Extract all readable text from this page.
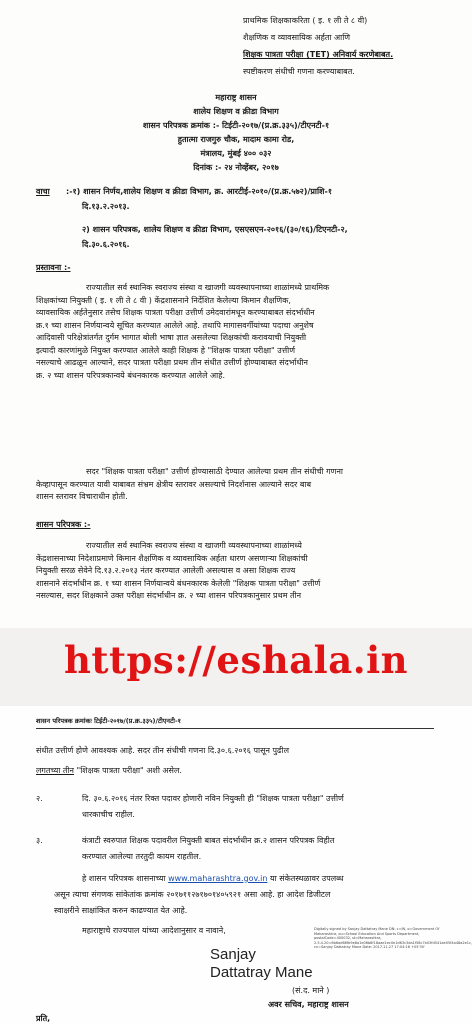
प्राथमिक शिक्षकाकरिता ( इ. १ ली ते ८ वी)
शैक्षणिक व व्यावसायिक अर्हता आणि
शिक्षक पात्रता परीक्षा (TET) अनिवार्य करणेबाबत.
स्पष्टीकरण संधीची गणना करण्याबाबत.
महाराष्ट्र शासन
शालेय शिक्षण व क्रीडा विभाग
शासन परिपत्रक क्रमांक :- टिईटी-२०१७/(प्र.क्र.३३५)/टीएनटी-१
हुतात्मा राजगुरु चौक, मादाम कामा रोड,
मंत्रालय, मुंबई ४०० ०३२
दिनांक :- २४ नोव्हेंबर, २०१७
वाचा :-१) शासन निर्णय,शालेय शिक्षण व क्रीडा विभाग, क्र. आरटीई-२०१०/(प्र.क्र.५७२)/प्राशि-१
दि.१३.२.२०१३.
२) शासन परिपत्रक, शालेय शिक्षण व क्रीडा विभाग, एसएसएन-२०१६/(३०/१६)/टिएनटी-२,
दि.३०.६.२०१६.
प्रस्तावना :-
राज्यातील सर्व स्थानिक स्वराज्य संस्था व खाजगी व्यवस्थापनाच्या शाळांमध्ये प्राथमिक
शिक्षकांच्या नियुक्ती ( इ. १ ली ते ८ वी ) केंद्रशासनाने निर्देशित केलेल्या किमान शैक्षणिक,
व्यावसायिक अर्हतेनुसार तसेच शिक्षक पात्रता परीक्षा उत्तीर्ण उमेदवारांमधून करण्याबाबत संदर्भाधीन
क्र.१ च्या शासन निर्णयान्वये सूचित करण्यात आलेले आहे. तथापि मागासवर्गीयांच्या पदाचा अनुशेष
आदिवासी परिक्षेत्रांतर्गत दुर्गम भागात बोली भाषा ज्ञात असलेल्या शिक्षकांची करावयाची नियुक्ती
इत्यादी कारणांमुळे नियुक्त करण्यात आलेले काही शिक्षक हे "शिक्षक पात्रता परीक्षा" उत्तीर्ण
नसल्याचे आढळून आल्याने, सदर पात्रता परीक्षा प्रथम तीन संधीत उत्तीर्ण होण्याबाबत संदर्भाधीन
क्र. २ च्या शासन परिपत्रकान्वये बंधनकारक करण्यात आलेले आहे.
सदर "शिक्षक पात्रता परीक्षा" उत्तीर्ण होण्यासाठी देण्यात आलेल्या प्रथम तीन संधीची गणना
केव्हापासून करण्यात यावी याबाबत संभ्रम क्षेत्रीय स्तरावर असल्याचे निदर्शनास आल्याने सदर बाब
शासन स्तरावर विचाराधीन होती.
शासन परिपत्रक :-
राज्यातील सर्व स्थानिक स्वराज्य संस्था व खाजगी व्यवस्थापनाच्या शाळांमध्ये
केंद्रशासनाच्या निदेशाप्रमाणे किमान शैक्षणिक व व्यावसायिक अर्हता धारण असणाऱ्या शिक्षकांची
नियुक्ती सरळ सेवेने दि.१३.२.२०१३ नंतर करण्यात आलेली असल्यास व असा शिक्षक राज्य
शासनाने संदर्भाधीन क्र. १ च्या शासन निर्णयान्वये बंधनकारक केलेली "शिक्षक पात्रता परीक्षा" उत्तीर्ण
नसल्यास, सदर शिक्षकाने उक्त परीक्षा संदर्भाधीन क्र. २ च्या शासन परिपत्रकानुसार प्रथम तीन
https://eshala.in
शासन परिपत्रक क्रमांकः टिईटी-२०१७/(प्र.क्र.३३५)/टीएनटी-१
संधीत उत्तीर्ण होणे आवश्यक आहे. सदर तीन संधीची गणना दि.३०.६.२०१६ पासून पुढील
लगतच्या तीन "शिक्षक पात्रता परीक्षा" अशी असेल.
२.	दि. ३०.६.२०१६ नंतर रिक्त पदावर होणारी नविन नियुक्ती ही "शिक्षक पात्रता परीक्षा" उत्तीर्ण
धारकाचीच राहील.
३.	कंत्राटी स्वरुपात शिक्षक पदावरील नियुक्ती बाबत संदर्भाधीन क्र.२ शासन परिपत्रक विहीत
करण्यात आलेल्या तरतुदी कायम राहतील.
हे शासन परिपत्रक शासनाच्या www.maharashtra.gov.in या संकेतस्थळावर उपलब्ध
असून त्याचा संगणक सांकेतांक क्रमांक २०१७११२७१७०१४०५९२१ असा आहे. हा आदेश डिजीटल
स्वाक्षरीने साक्षांकित करुन काढण्यात येत आहे.
महाराष्ट्राचे राज्यपाल यांच्या आदेशानुसार व नावाने,
Sanjay
Dattatray Mane
Digitally signed by Sanjay Dattatray Mane DN: c=IN, o=Government Of Maharashtra, ou=School Education And Sports Department, postalCode=400032, st=Maharashtra, 2.5.4.20=6b6ad66fb9e8a1e06b8f18aae1ec0e1d63c3da1f58c7a03fd541ae05f4a48a2e1c, cn=Sanjay Dattatray Mane Date: 2017.11.27 17:04:16 +05'30'
(सं.द. माने )
अवर सचिव, महाराष्ट्र शासन
प्रति,
